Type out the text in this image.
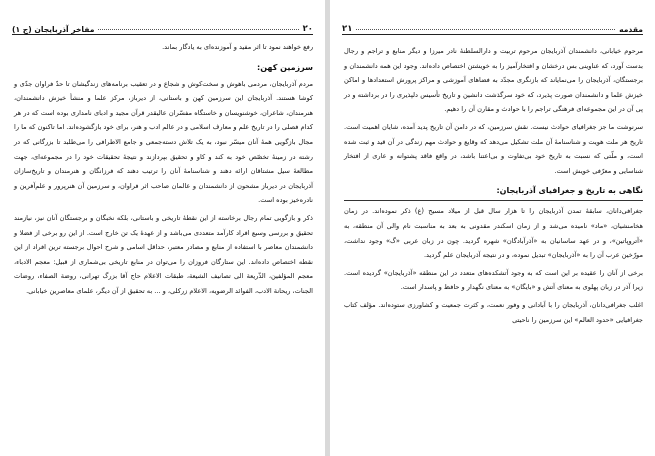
۲۰
مفاخر آذربایجان (ج ۱)

رفع خواهند نمود تا اثر مفید و آموزنده‌ای به یادگار بماند.

سرزمین کهن:

مردم آذربایجان، مردمی باهوش و سخت‌کوش و شجاع و در تعقیب برنامه‌های زندگیشان تا حدّ فراوان جدّی و کوشا هستند. آذربایجان این سرزمین کهن و باستانی، از دیرباز، مرکز علما و منشأ خیزش دانشمندان، هنرمندان، شاعران، خوشنویسان و خاستگاه مفسّران عالیقدر قرآن مجید و ادبای نامداری بوده است که در هر کدام فصلی را در تاریخ علم و معارف اسلامی و در عالم ادب و هنر، برای خود بازگشوده‌اند. اما تاکنون که ما را مجال بازگویی همهٔ آنان میسّر نبود، به یک تلاش دسته‌جمعی و جامع الاطرافی را می‌طلبد تا بزرگانی که در رشته در زمینهٔ تخصّص خود به کند و کاو و تحقیق بپردازند و نتیجهٔ تحقیقات خود را در مجموعه‌ای، جهت مطالعهٔ سیل مشتاقان ارائه دهند و شناسنامهٔ آنان را ترتیب دهند که فرزانگان و هنرمندان و تاریخ‌سازان آذربایجان در دیرباز مشحون از دانشمندان و عالمان صاحب اثر فراوان، و سرزمین آن هنرپرور و علم‌آفرین و نادره‌خیز بوده است.

ذکر و بازگویی تمام رجال برخاسته از این نقطهٔ تاریخی و باستانی، بلکه نخبگان و برجستگان آنان نیز، نیازمند تحقیق و بررسی وسیع افراد کارآمد متعددی می‌باشد و از عهدهٔ یک تن خارج است. از این رو برخی از فضلا و دانشمندان معاصر با استفاده از منابع و مصادر معتبر، حداقل اسامی و شرح احوال برجسته ترین افراد از این نقطه اختصاص داده‌اند. این ستارگان فروزان را می‌توان در منابع تاریخی بی‌شماری از قبیل: معجم الادباء، معجم المؤلفین، الذّریعة الی تصانیف الشیعة، طبقات الاعلام حاج آقا بزرگ تهرانی، روضة الصفاء، روضات الجنات، ریحانة الادب، الفوائد الرضویه، الاعلام زرکلی، و ... به تحقیق از آن دیگر، علمای معاصرین خیابانی.

مقدمه
۲۱

مرحوم خیابانی، دانشمندان آذربایجان مرحوم تربیت و دارالسلطنهٔ نادر میرزا و دیگر منابع و تراجم و رجال بدست آورد، که عناوینی بس درخشان و افتخارآمیز را به خویشتن اختصاص داده‌اند. وجود این همه دانشمندان و برجستگان، آذربایجان را می‌نمایاند که بازنگری مجدّد به فضاهای آموزشی و مراکز پرورش استعدادها و اماکن خیزش علما و دانشمندان صورت پذیرد، که خود سرگذشت دانشین و تاریخ تأسیس دلپذیری را در برداشته و در پی آن در این مجموعه‌ای فرهنگی تراجم را با حوادث و مقارن آن را دهیم.

سرنوشت ما جز جغرافیای حوادث نیست. نقش سرزمین، که در دامن آن تاریخ پدید آمده، شایان اهمیت است. تاریخ هر ملت هویت و شناسنامهٔ آن ملت تشکیل می‌دهد که وقایع و حوادث مهم زندگی در آن قید و ثبت شده است، و ملّتی که نسبت به تاریخ خود بی‌تفاوت و بی‌اعتنا باشد، در واقع فاقد پشتوانه و عاری از افتخار شناسایی و معرّفی خویش است.

نگاهی به تاریخ و جغرافیای آذربایجان:

جغرافی‌دانان، سابقهٔ تمدن آذربایجان را تا هزار سال قبل از میلاد مسیح (ع) ذکر نموده‌اند. در زمان هخامنشیان، «ماد» نامیده می‌شد و از زمان اسکندر مقدونی به بعد به مناسبت نام والی آن منطقه، به «آتروپاتین»، و در عهد ساسانیان به «آذرآبادگان» شهره گردید. چون در زبان عربی «گ» وجود نداشت، مورّخین عرب آن را به «آذربایجان» تبدیل نموده، و در نتیجه آذربایجان علم گردید.

برخی از آنان را عقیده بر این است که به وجود آتشکده‌های متعدد در این منطقه «آذربایجان» گردیده است. زیرا آذر در زبان پهلوی به معنای آتش و «بایگان» به معنای نگهدار و حافظ و پاسدار است.

اغلب جغرافی‌دانان، آذربایجان را با آبادانی و وفور نعمت، و کثرت جمعیت و کشاورزی ستوده‌اند. مؤلف کتاب جغرافیایی «حدود العالم» این سرزمین را ناحیتی
